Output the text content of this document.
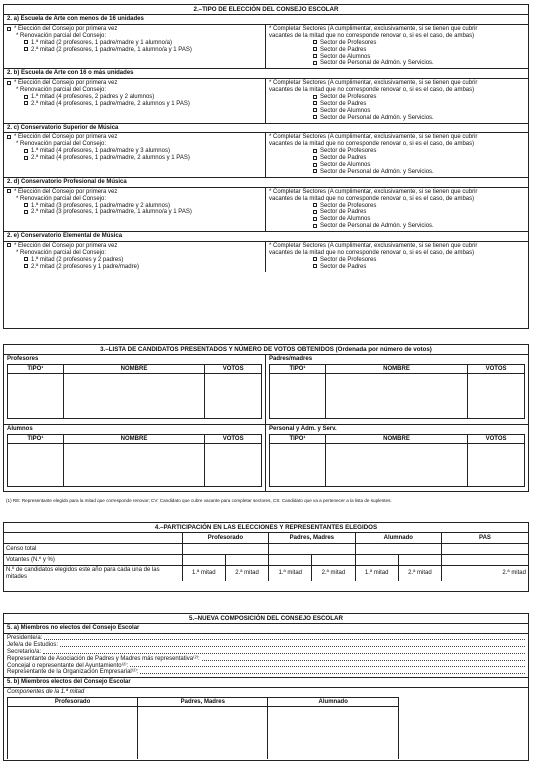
2.–TIPO DE ELECCIÓN DEL CONSEJO ESCOLAR
2. a) Escuela de Arte con menos de 16 unidades
* Elección del Consejo por primera vez
* Renovación parcial del Consejo:
1.ª mitad (2 profesores, 1 padre/madre y 1 alumno/a)
2.ª mitad (2 profesores, 1 padre/madre, 1 alumno/a y 1 PAS)
* Completar Sectores (A cumplimentar, exclusivamente, si se tienen que cubrir
vacantes de la mitad que no corresponde renovar o, si es el caso, de ambas)
Sector de Profesores
Sector de Padres
Sector de Alumnos
Sector de Personal de Admón. y Servicios.
2. b) Escuela de Arte con 16 o más unidades
* Elección del Consejo por primera vez
* Renovación parcial del Consejo:
1.ª mitad (4 profesores, 2 padres y 2 alumnos)
2.ª mitad (4 profesores, 1 padre/madre, 2 alumnos y 1 PAS)
* Completar Sectores (A cumplimentar, exclusivamente, si se tienen que cubrir
vacantes de la mitad que no corresponde renovar o, si es el caso, de ambas)
Sector de Profesores
Sector de Padres
Sector de Alumnos
Sector de Personal de Admón. y Servicios.
2. c) Conservatorio Superior de Música
* Elección del Consejo por primera vez
* Renovación parcial del Consejo:
1.ª mitad (4 profesores, 1 padre/madre y 3 alumnos)
2.ª mitad (4 profesores, 1 padre/madre, 2 alumnos y 1 PAS)
* Completar Sectores (A cumplimentar, exclusivamente, si se tienen que cubrir
vacantes de la mitad que no corresponde renovar o, si es el caso, de ambas)
Sector de Profesores
Sector de Padres
Sector de Alumnos
Sector de Personal de Admón. y Servicios.
2. d) Conservatorio Profesional de Música
* Elección del Consejo por primera vez
* Renovación parcial del Consejo:
1.ª mitad (3 profesores, 1 padre/madre y 2 alumnos)
2.ª mitad (3 profesores, 1 padre/madre, 1 alumno/a y 1 PAS)
* Completar Sectores (A cumplimentar, exclusivamente, si se tienen que cubrir
vacantes de la mitad que no corresponde renovar o, si es el caso, de ambas)
Sector de Profesores
Sector de Padres
Sector de Alumnos
Sector de Personal de Admón. y Servicios.
2. e) Conservatorio Elemental de Música
* Elección del Consejo por primera vez
* Renovación parcial del Consejo:
1.ª mitad (2 profesores y 2 padres)
2.ª mitad (2 profesores y 1 padre/madre)
* Completar Sectores (A cumplimentar, exclusivamente, si se tienen que cubrir
vacantes de la mitad que no corresponde renovar o, si es el caso, de ambas)
Sector de Profesores
Sector de Padres
3.–LISTA DE CANDIDATOS PRESENTADOS Y NÚMERO DE VOTOS OBTENIDOS (Ordenada por número de votos)
Profesores
TIPO¹	NOMBRE	VOTOS
Padres/madres
TIPO¹	NOMBRE	VOTOS
Alumnos
TIPO¹	NOMBRE	VOTOS
Personal y Adm. y Serv.
TIPO¹	NOMBRE	VOTOS
(1) RE: Representante elegido para la mitad que corresponde renovar; CV: Candidato que cubre vacante para completar sectores, CS: Candidato que va a pertenecer a la lista de suplentes.
4.–PARTICIPACIÓN EN LAS ELECCIONES Y REPRESENTANTES ELEGIDOS
	Profesorado		Padres, Madres		Alumnado		PAS
Censo total							
Votantes (N.º y %)							
N.º de candidatos elegidos este año para cada una de las mitades	1.ª mitad	2.ª mitad	1.ª mitad	2.ª mitad	1.ª mitad	2.ª mitad	2.ª mitad
5.–NUEVA COMPOSICIÓN DEL CONSEJO ESCOLAR
5. a) Miembros no electos del Consejo Escolar
Presidente/a:
Jefe/a de Estudios:
Secretario/a:
Representante de Asociación de Padres y Madres más representativa⁽²⁾:
Concejal o representante del Ayuntamiento⁽²⁾:
Representante de la Organización Empresarial⁽²⁾:
5. b) Miembros electos del Consejo Escolar
Componentes de la 1.ª mitad
Profesorado	Padres, Madres	Alumnado
